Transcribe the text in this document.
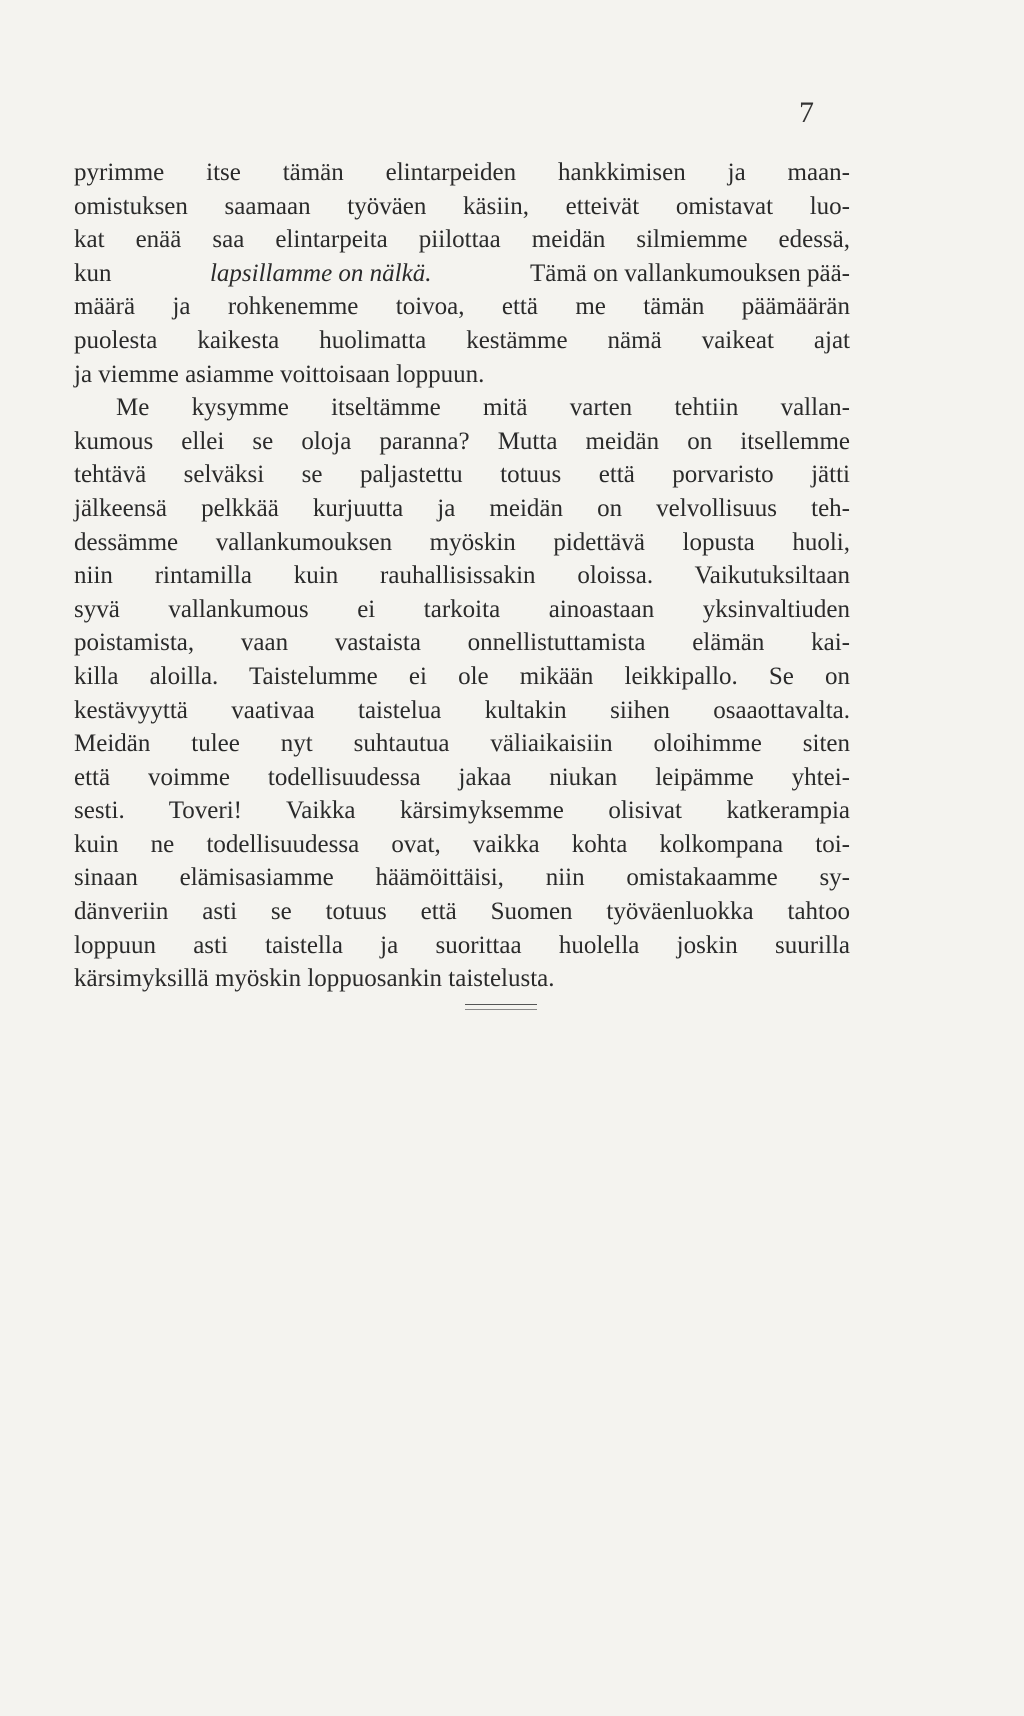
7
pyrimme itse tämän elintarpeiden hankkimisen ja maan-
omistuksen saamaan työväen käsiin, etteivät omistavat luo-
kat enää saa elintarpeita piilottaa meidän silmiemme edessä,
kun	lapsillamme on nälkä.	Tämä on vallankumouksen pää-
määrä ja rohkenemme toivoa, että me tämän päämäärän
puolesta kaikesta huolimatta kestämme nämä vaikeat ajat
ja viemme asiamme voittoisaan loppuun.
Me kysymme itseltämme mitä varten tehtiin vallan-
kumous ellei se oloja paranna? Mutta meidän on itsellemme
tehtävä selväksi se paljastettu totuus että porvaristo jätti
jälkeensä pelkkää kurjuutta ja meidän on velvollisuus teh-
dessämme vallankumouksen myöskin pidettävä lopusta huoli,
niin rintamilla kuin rauhallisissakin oloissa. Vaikutuksiltaan
syvä vallankumous ei tarkoita ainoastaan yksinvaltiuden
poistamista, vaan vastaista onnellistuttamista elämän kai-
killa aloilla. Taistelumme ei ole mikään leikkipallo. Se on
kestävyyttä vaativaa taistelua kultakin siihen osaaottavalta.
Meidän tulee nyt suhtautua väliaikaisiin oloihimme siten
että voimme todellisuudessa jakaa niukan leipämme yhtei-
sesti. Toveri! Vaikka kärsimyksemme olisivat katkerampia
kuin ne todellisuudessa ovat, vaikka kohta kolkompana toi-
sinaan elämisasiamme häämöittäisi, niin omistakaamme sy-
dänveriin asti se totuus että Suomen työväenluokka tahtoo
loppuun asti taistella ja suorittaa huolella joskin suurilla
kärsimyksillä myöskin loppuosankin taistelusta.
